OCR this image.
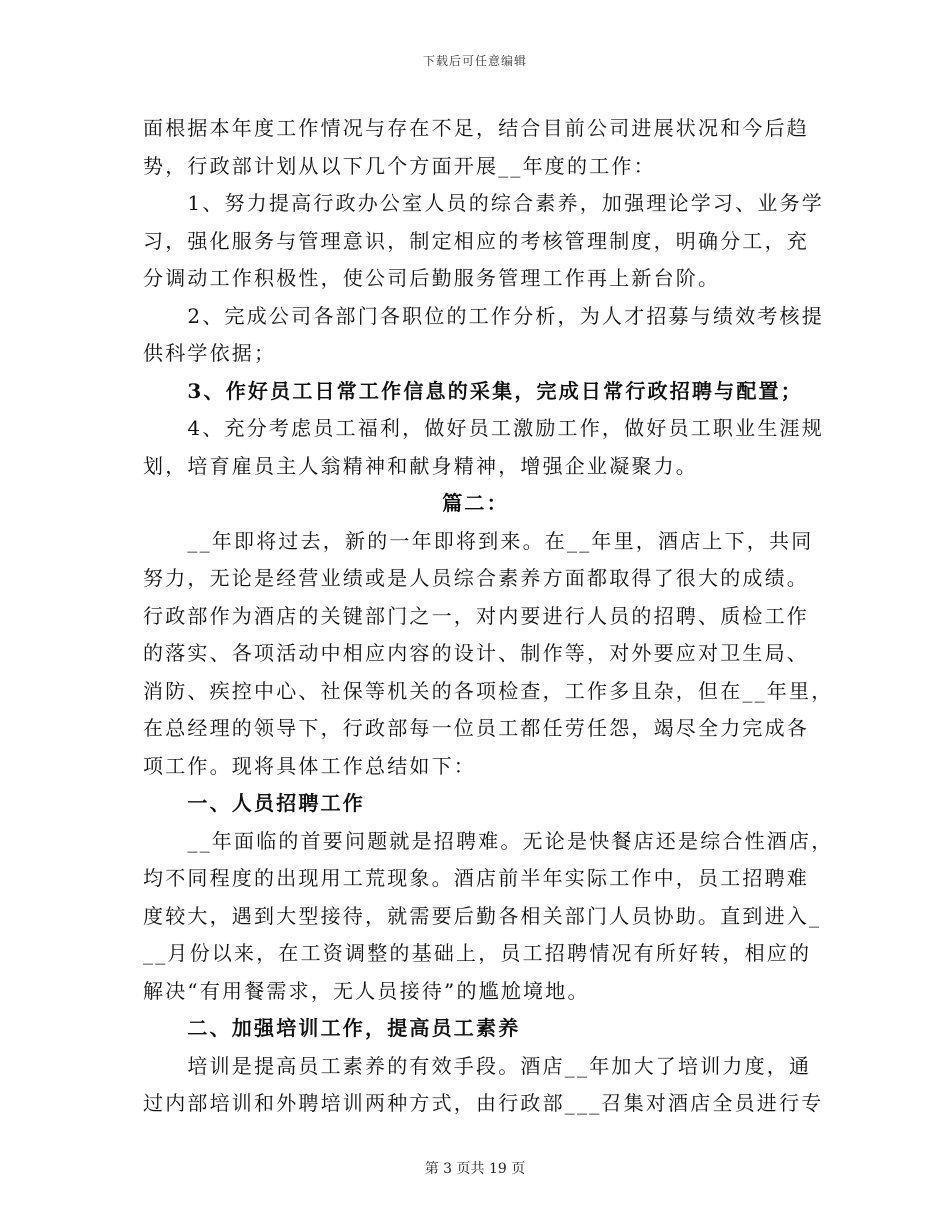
下载后可任意编辑

面根据本年度工作情况与存在不足，结合目前公司进展状况和今后趋

势，行政部计划从以下几个方面开展__年度的工作：

　　1、努力提高行政办公室人员的综合素养，加强理论学习、业务学

习，强化服务与管理意识，制定相应的考核管理制度，明确分工，充

分调动工作积极性，使公司后勤服务管理工作再上新台阶。

　　2、完成公司各部门各职位的工作分析，为人才招募与绩效考核提

供科学依据；

　　3、作好员工日常工作信息的采集，完成日常行政招聘与配置；

　　4、充分考虑员工福利，做好员工激励工作，做好员工职业生涯规

划，培育雇员主人翁精神和献身精神，增强企业凝聚力。

篇二：

　　__年即将过去，新的一年即将到来。在__年里，酒店上下，共同

努力，无论是经营业绩或是人员综合素养方面都取得了很大的成绩。

行政部作为酒店的关键部门之一，对内要进行人员的招聘、质检工作

的落实、各项活动中相应内容的设计、制作等，对外要应对卫生局、

消防、疾控中心、社保等机关的各项检查，工作多且杂，但在__年里，

在总经理的领导下，行政部每一位员工都任劳任怨，竭尽全力完成各

项工作。现将具体工作总结如下：

　　一、人员招聘工作

　　__年面临的首要问题就是招聘难。无论是快餐店还是综合性酒店，

均不同程度的出现用工荒现象。酒店前半年实际工作中，员工招聘难

度较大，遇到大型接待，就需要后勤各相关部门人员协助。直到进入_

__月份以来，在工资调整的基础上，员工招聘情况有所好转，相应的

解决“有用餐需求，无人员接待”的尴尬境地。

　　二、加强培训工作，提高员工素养

　　培训是提高员工素养的有效手段。酒店__年加大了培训力度，通

过内部培训和外聘培训两种方式，由行政部___召集对酒店全员进行专

第 3 页共 19 页
